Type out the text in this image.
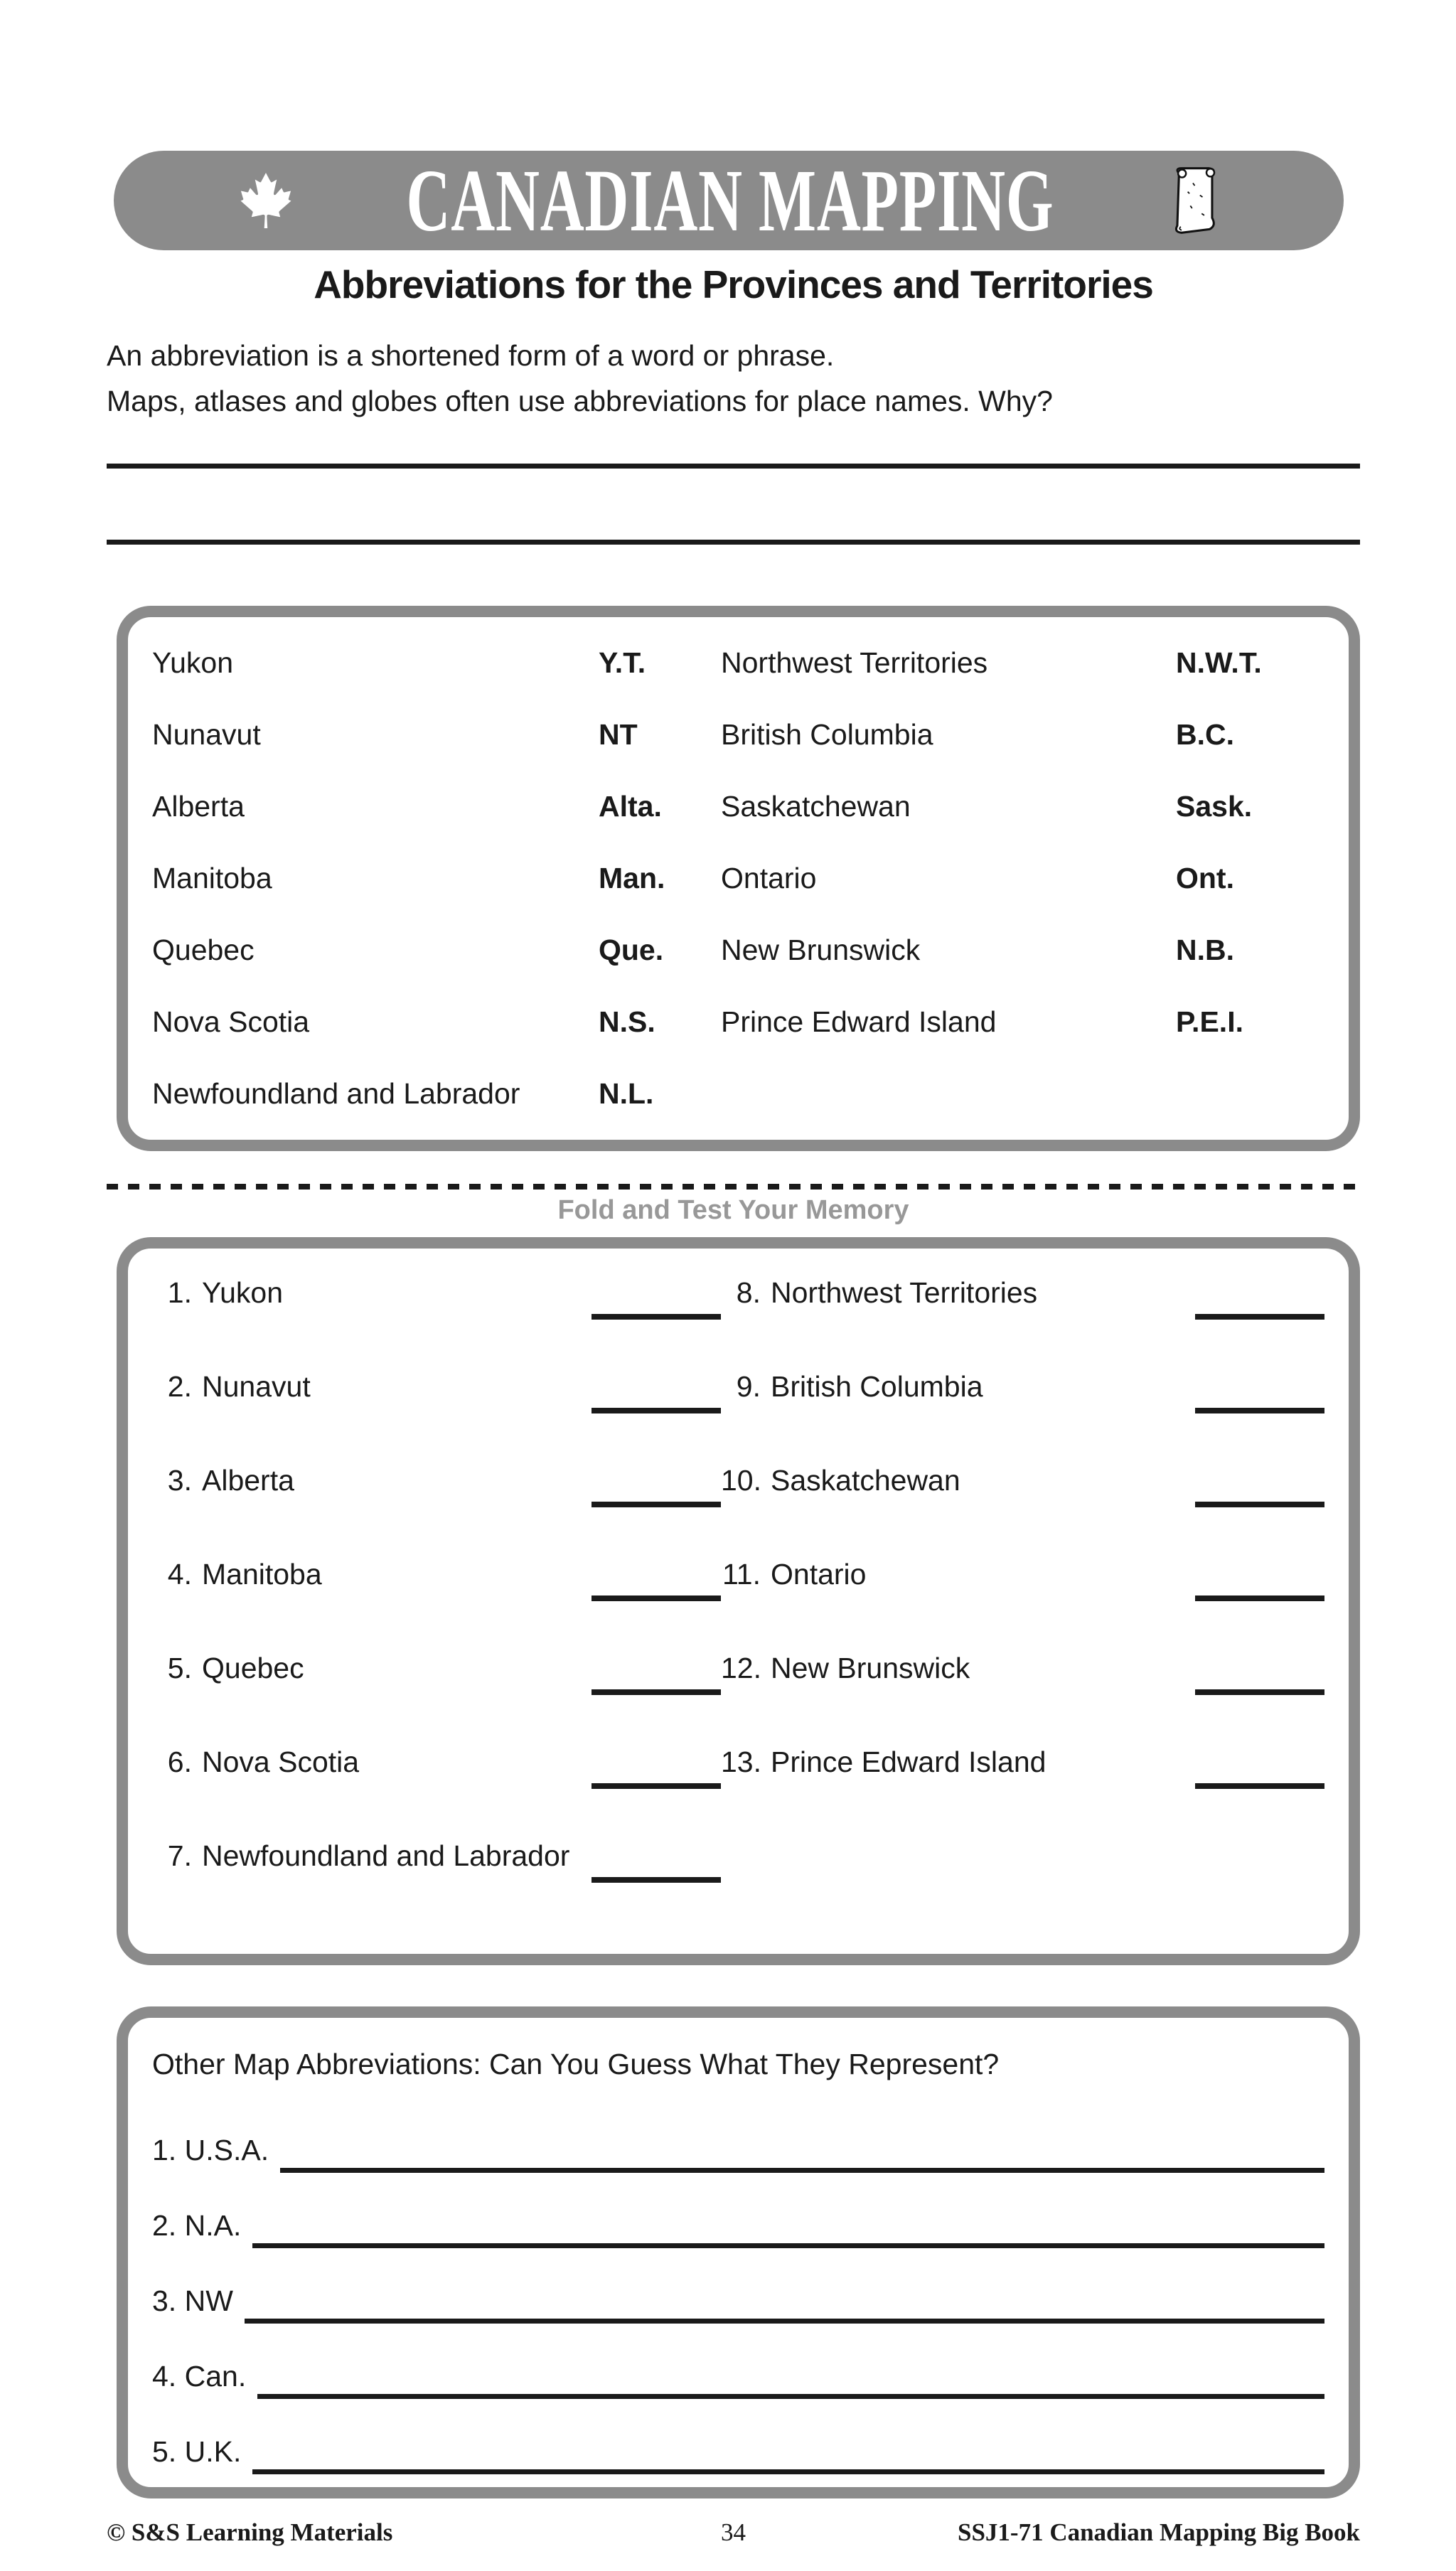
CANADIAN MAPPING
Abbreviations for the Provinces and Territories
An abbreviation is a shortened form of a word or phrase.
Maps, atlases and globes often use abbreviations for place names. Why?
Yukon	Y.T.	Northwest Territories	N.W.T.
Nunavut	NT	British Columbia	B.C.
Alberta	Alta.	Saskatchewan	Sask.
Manitoba	Man.	Ontario	Ont.
Quebec	Que.	New Brunswick	N.B.
Nova Scotia	N.S.	Prince Edward Island	P.E.I.
Newfoundland and Labrador	N.L.
Fold and Test Your Memory
1. Yukon
2. Nunavut
3. Alberta
4. Manitoba
5. Quebec
6. Nova Scotia
7. Newfoundland and Labrador
8. Northwest Territories
9. British Columbia
10. Saskatchewan
11. Ontario
12. New Brunswick
13. Prince Edward Island
Other Map Abbreviations: Can You Guess What They Represent?
1. U.S.A.
2. N.A.
3. NW
4. Can.
5. U.K.
© S&S Learning Materials	34	SSJ1-71 Canadian Mapping Big Book
